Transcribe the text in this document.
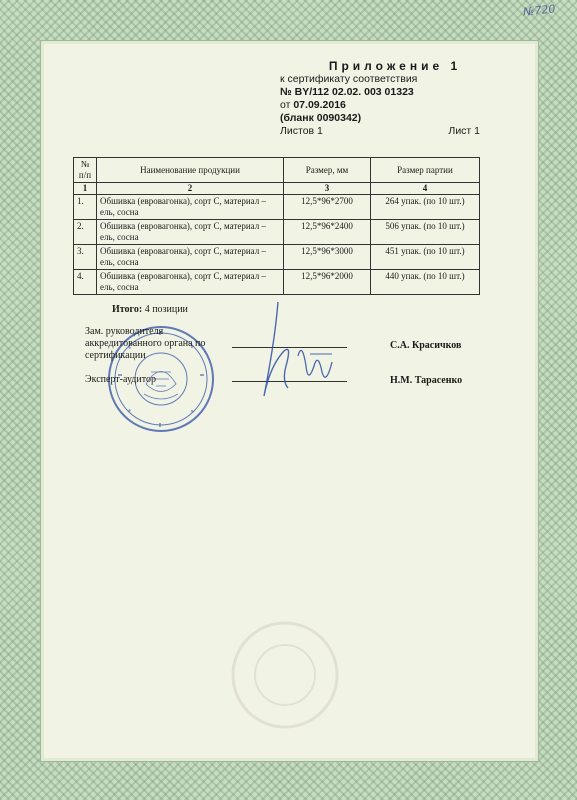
№720
Приложение 1
к сертификату соответствия
№ BY/112 02.02. 003 01323
от 07.09.2016
(бланк 0090342)
Листов 1	Лист 1
№ п/п	Наименование продукции	Размер, мм	Размер партии
1	2	3	4
1.	Обшивка (евровагонка), сорт С, материал – ель, сосна	12,5*96*2700	264 упак. (по 10 шт.)
2.	Обшивка (евровагонка), сорт С, материал – ель, сосна	12,5*96*2400	506 упак. (по 10 шт.)
3.	Обшивка (евровагонка), сорт С, материал – ель, сосна	12,5*96*3000	451 упак. (по 10 шт.)
4.	Обшивка (евровагонка), сорт С, материал – ель, сосна	12,5*96*2000	440 упак. (по 10 шт.)
Итого: 4 позиции
Зам. руководителя
аккредитованного органа по
сертификации
С.А. Красичков
Эксперт-аудитор	Н.М. Тарасенко
